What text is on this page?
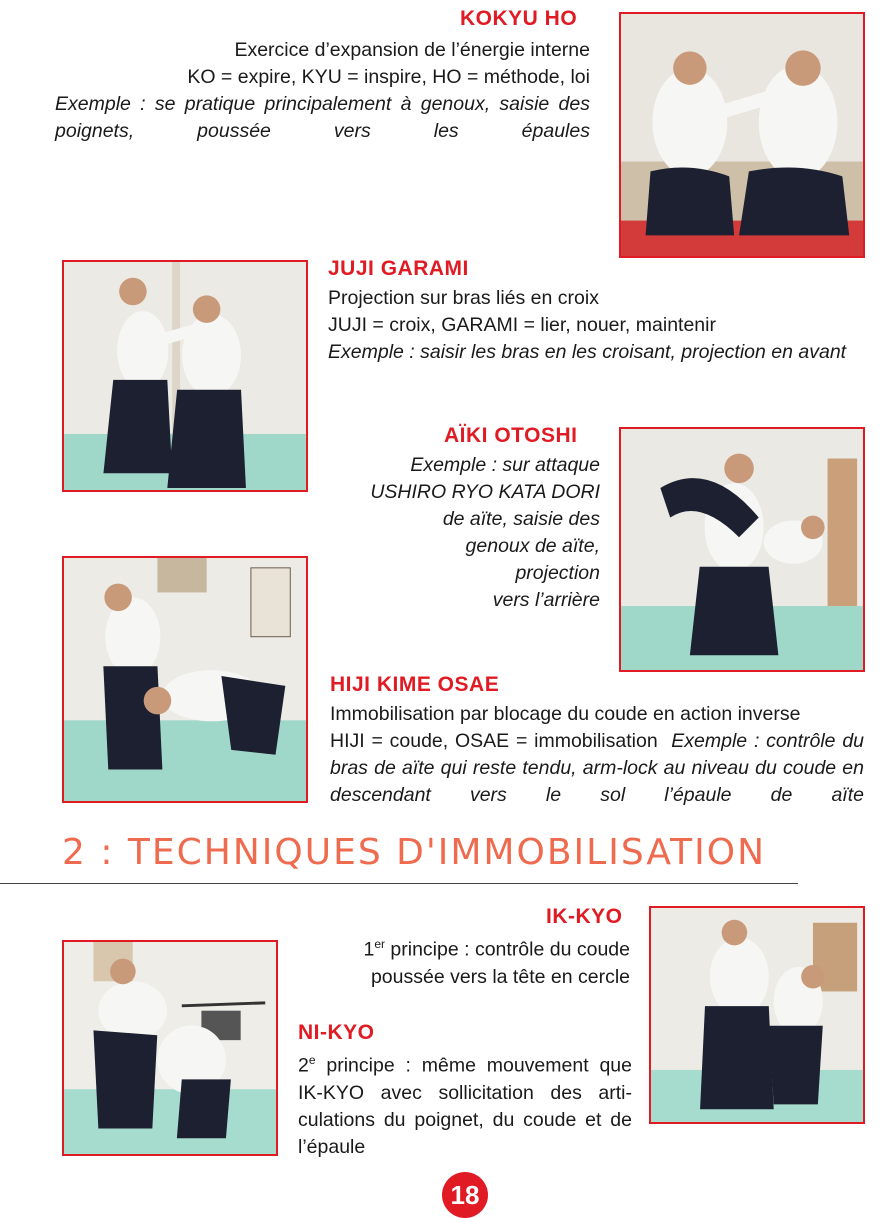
KOKYU HO

Exercice d’expansion de l’énergie interne

KO = expire, KYU = inspire, HO = méthode, loi

Exemple : se pratique principalement à genoux, saisie des poignets, poussée vers les épaules

JUJI GARAMI

Projection sur bras liés en croix

JUJI = croix, GARAMI = lier, nouer, maintenir

Exemple : saisir les bras en les croisant, projection en avant

AÏKI OTOSHI

Exemple : sur attaque

USHIRO RYO KATA DORI

de aïte, saisie des

genoux de aïte,

projection

vers l’arrière

HIJI KIME OSAE

Immobilisation par blocage du coude en action inverse

HIJI = coude, OSAE = immobilisation Exemple : contrôle du bras de aïte qui reste tendu, arm-lock au niveau du coude en descendant vers le sol l’épaule de aïte

2 : TECHNIQUES D'IMMOBILISATION
IK-KYO

1er principe : contrôle du coude

poussée vers la tête en cercle

NI-KYO

2e principe : même mouvement que IK-KYO avec sollicitation des arti-culations du poignet, du coude et de l’épaule

18
